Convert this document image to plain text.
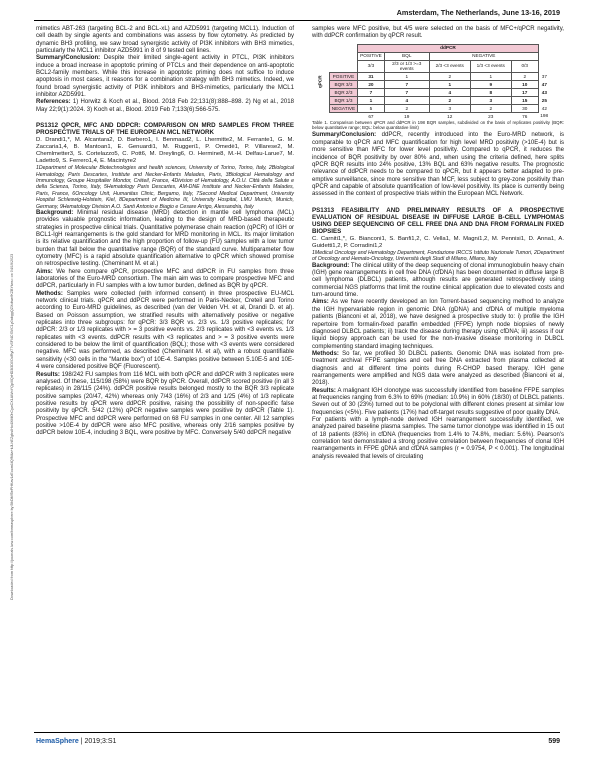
Amsterdam, The Netherlands, June 13-16, 2019
Downloaded from http://journals.lww.com/hemasphere by BhDMf5ePHKav1zEoum1tQfN4a+kJLhEZgbsIHo4XMi0hCywCX1AWnYQp/IlQrHD3i3D0OdRyi7TvSFl4Cf3VC1y0abggQZXdtwnfKZBYtws= on 04/19/2023

mimetics ABT-263 (targeting BCL-2 and BCL-xL) and AZD5991 (targeting MCL1). Induction of cell death by single agents and combinations was assess by flow cytometry. As predicted by dynamic BH3 profiling, we saw broad synergistic activity of PI3K inhibitors with BH3 mimetics, particularly the MCL1 inhibitor AZD5991 in 8 of 9 tested cell lines.

Summary/Conclusion: Despite their limited single-agent activity in PTCL, PI3K inhibitors induce a broad increase in apoptotic priming of PTCLs and their dependence on anti-apoptotic BCL2-family members. While this increase in apoptotic priming does not suffice to induce apoptosis in most cases, it reasons for a combination strategy with BH3 mimetics. Indeed, we found broad synergistic activity of PI3K inhibitors and BH3-mimetics, particularly the MCL1 inhibitor AZD5991.

References: 1) Horwitz & Koch et al., Blood. 2018 Feb 22;131(8):888–898. 2) Ng et al., 2018 May 22;9(1):2024. 3) Koch et al., Blood. 2019 Feb 7;133(6):566-575.

PS1312 QPCR, MFC AND DDPCR: COMPARISON ON MRD SAMPLES FROM THREE PROSPECTIVE TRIALS OF THE EUROPEAN MCL NETWORK

D. Drandi1,*, M. Alcantara2, D. Barbero1, I. Benmaad2, L. Lhermitte2, M. Ferrante1, G. M. Zaccaria1,4, B. Mantoan1, E. Genuardi1, M. Ruggeri1, P. Omedè1, P. Villarese2, M. Chemlmetter3, S. Cortelazzo5, C. Pott6, M. Dreyling6, O. Hermine8, M.-H. Delfau-Larue7, M. Ladetto9, S. Ferrero1,4, E. Macintyre2

1Department of Molecular Biotechnologies and health sciences, University of Torino, Torino, Italy, 2Biological Hematology, Paris Descartes, Institute and Necker-Enfants Malades, Paris, 3Biological Hematology and Immunology, Groupe Hospitalier Mondor, Créteil, France, 4Division of Hematology, A.O.U. Città della Salute e della Scienza, Torino, Italy, 5Hematology Paris Descartes, AM-DNE Institute and Necker-Enfants Malades, Paris, France, 6Oncology Unit, Humanitas Clinic, Bergamo, Italy, 7Second Medical Department, University Hospital Schleswig-Holstein, Kiel, 8Department of Medicine III, University Hospital, LMU Munich, Munich, Germany, 9Hematology Division A.O. Santi Antonio e Biagio e Cesare Arrigo, Alessandria, Italy

Background: Minimal residual disease (MRD) detection in mantle cell lymphoma (MCL) provides valuable prognostic information, leading to the design of MRD-based therapeutic strategies in prospective clinical trials. Quantitative polymerase chain reaction (qPCR) of IGH or BCL1-IgH rearrangements is the gold standard for MRD monitoring in MCL. Its major limitation is its relative quantification and the high proportion of follow-up (FU) samples with a low tumor burden that fall below the quantitative range (BQR) of the standard curve. Multiparameter flow cytometry (MFC) is a rapid absolute quantification alternative to qPCR which showed promise on retrospective testing. (Cheminant M. et al.)

Aims: We here compare qPCR, prospective MFC and ddPCR in FU samples from three laboratories of the Euro-MRD consortium. The main aim was to compare prospective MFC and ddPCR, particularly in FU samples with a low tumor burden, defined as BQR by qPCR.

Methods: Samples were collected (with informed consent) in three prospective EU-MCL network clinical trials. qPCR and ddPCR were performed in Paris-Necker, Creteil and Torino according to Euro-MRD guidelines, as described (van der Velden VH. et al, Drandi D. et al). Based on Poisson assumption, we stratified results with alternatively positive or negative replicates into three subgroups: for qPCR: 3/3 BQR vs. 2/3 vs. 1/3 positive replicates; for ddPCR: 2/3 or 1/3 replicates with > = 3 positive events vs. 2/3 replicates with <3 events vs. 1/3 replicates with <3 events. ddPCR results with <3 replicates and > = 3 positive events were considered to be below the limit of quantification (BQL); those with <3 events were considered negative. MFC was performed, as described (Cheminant M. et al), with a robust quantifiable sensitivity (<30 cells in the "Mantle box") of 10E-4. Samples positive between 5.10E-5 and 10E-4 were considered positive BQF (Fluorescent).

Results: 198/242 FU samples from 116 MCL with both qPCR and ddPCR with 3 replicates were analysed. Of these, 115/198 (58%) were BQR by qPCR. Overall, ddPCR scored positive (in all 3 replicates) in 28/115 (24%). ddPCR positive results belonged mostly to the BQR 3/3 replicate positive samples (20/47, 42%) whereas only 7/43 (16%) of 2/3 and 1/25 (4%) of 1/3 replicate positive results by qPCR were ddPCR positive, raising the possibility of non-specific false positivity by qPCR. 5/42 (12%) qPCR negative samples were positive by ddPCR (Table 1). Prospective MFC and ddPCR were performed on 68 FU samples in one center. All 12 samples positive >10E-4 by ddPCR were also MFC positive, whereas only 2/16 samples positive by ddPCR below 10E-4, including 3 BQL, were positive by MFC. Conversely 5/40 ddPCR negative

samples were MFC positive, but 4/5 were selected on the basis of MFC+/qPCR negativity, with ddPCR confirmation by qPCR result.

qPCR		ddPCR					
		POSITIVE	BQL	NEGATIVE			
		3/3	2/3 or 1/3 >=3 events	2/3 <3 events	1/3 <3 events	0/3	
	POSITIVE	31	1	2	1	2	37
	BQR 3/3	20	7	1	9	10	47
	BQR 2/3	7	7	4	8	17	43
	BQR 1/3	1	4	2	3	15	25
	NEGATIVE	5	2	3	2	30	42
		67	19	12	23	76	198

Table 1. Comparison between qPCR and ddPCR in 198 BQR samples, subdivided on the basis of replicates positivity (BQR: below quantitative range; BQL: below quantitative limit)

Summary/Conclusion: ddPCR, recently introduced into the Euro-MRD network, is comparable to qPCR and MFC quantification for high level MRD positivity (>10E-4) but is more sensitive than MFC for lower level positivity. Compared to qPCR, it reduces the incidence of BQR positivity by over 80% and, when using the criteria defined, here splits qPCR BQR results into 24% positive, 13% BQL and 63% negative results. The prognostic relevance of ddPCR needs to be compared to qPCR, but it appears better adapted to pre-emptive surveillance, since more sensitive than MCF, less subject to grey-zone positivity than qPCR and capable of absolute quantification of low-level positivity. Its place is currently being assessed in the context of prospective trials within the European MCL Network.

PS1313 FEASIBILITY AND PRELIMINARY RESULTS OF A PROSPECTIVE EVALUATION OF RESIDUAL DISEASE IN DIFFUSE LARGE B-CELL LYMPHOMAS USING DEEP SEQUENCING OF CELL FREE DNA AND DNA FROM FORMALIN FIXED BIOPSIES

C. Carniti1,*, G. Bianconi1, S. Banfi1,2, C. Vella1, M. Magni1,2, M. Pennisi1, D. Anna1, A. Guidetti1,2, P. Corradini1,2

1Medical Oncology and Hematology Department, Fondazione IRCCS Istituto Nazionale Tumori, 2Department of Oncology and Hemato-Oncology, Università degli Studi di Milano, Milano, Italy

Background: The clinical utility of the deep sequencing of clonal immunoglobulin heavy chain (IGH) gene rearrangements in cell free DNA (cfDNA) has been documented in diffuse large B cell lymphoma (DLBCL) patients, although results are generated retrospectively using commercial NGS platforms that limit the routine clinical application due to elevated costs and turn-around time.

Aims: As we have recently developed an Ion Torrent-based sequencing method to analyze the IGH hypervariable region in genomic DNA (gDNA) and cfDNA of multiple myeloma patients (Bianconi et al, 2018), we have designed a prospective study to: i) profile the IGH repertoire from formalin-fixed paraffin embedded (FFPE) lymph node biopsies of newly diagnosed DLBCL patients; ii) track the disease during therapy using cfDNA; iii) assess if our liquid biopsy approach can be used for the non-invasive disease monitoring in DLBCL complementing standard imaging techniques.

Methods: So far, we profiled 30 DLBCL patients. Genomic DNA was isolated from pre-treatment archival FFPE samples and cell free DNA extracted from plasma collected at diagnosis and at different time points during R-CHOP based therapy. IGH gene rearrangements were amplified and NGS data were analyzed as described (Bianconi et al, 2018).

Results: A malignant IGH clonotype was successfully identified from baseline FFPE samples at frequencies ranging from 6.3% to 69% (median: 10.9%) in 60% (18/30) of DLBCL patients. Seven out of 30 (23%) turned out to be polyclonal with different clones present at similar low frequencies (<5%). Five patients (17%) had off-target results suggestive of poor quality DNA.

For patients with a lymph-node derived IGH rearrangement successfully identified, we analyzed paired baseline plasma samples. The same tumor clonotype was identified in 15 out of 18 patients (83%) in cfDNA (frequencies from 1.4% to 74.8%, median: 5.6%). Pearson's correlation test demonstrated a strong positive correlation between frequencies of clonal IGH rearrangements in FFPE gDNA and cfDNA samples (r = 0.9754, P < 0.001). The longitudinal analysis revealed that levels of circulating

HemaSphere | 2019;3:S1	599
